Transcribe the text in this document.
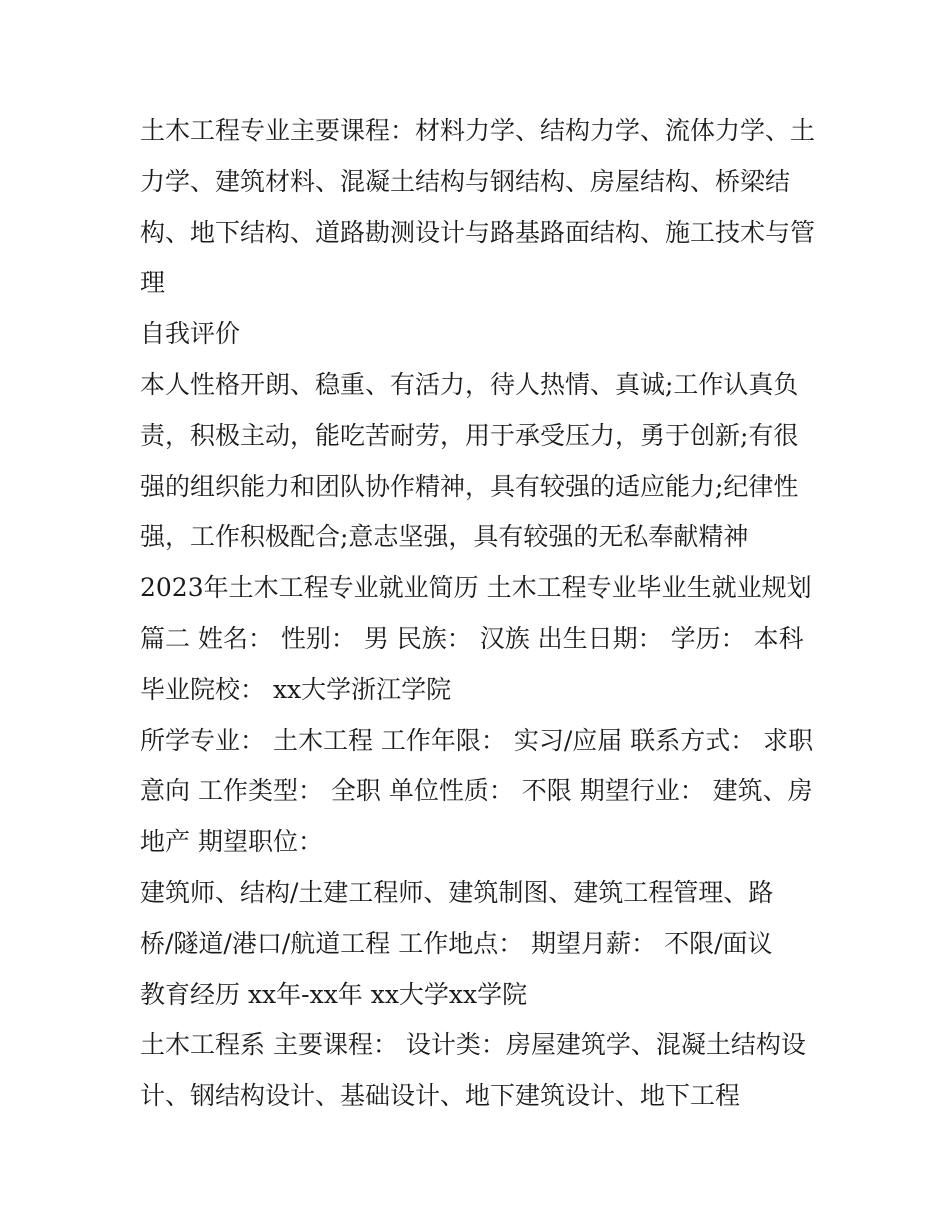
土木工程专业主要课程：材料力学、结构力学、流体力学、土
力学、建筑材料、混凝土结构与钢结构、房屋结构、桥梁结
构、地下结构、道路勘测设计与路基路面结构、施工技术与管
理
自我评价
本人性格开朗、稳重、有活力，待人热情、真诚;工作认真负
责，积极主动，能吃苦耐劳，用于承受压力，勇于创新;有很
强的组织能力和团队协作精神，具有较强的适应能力;纪律性
强，工作积极配合;意志坚强，具有较强的无私奉献精神
2023年土木工程专业就业简历 土木工程专业毕业生就业规划
篇二 姓名： 性别： 男 民族： 汉族 出生日期： 学历： 本科
毕业院校： xx大学浙江学院
所学专业： 土木工程 工作年限： 实习/应届 联系方式： 求职
意向 工作类型： 全职 单位性质： 不限 期望行业： 建筑、房
地产 期望职位：
建筑师、结构/土建工程师、建筑制图、建筑工程管理、路
桥/隧道/港口/航道工程 工作地点： 期望月薪： 不限/面议
教育经历 xx年-xx年 xx大学xx学院
土木工程系 主要课程： 设计类：房屋建筑学、混凝土结构设
计、钢结构设计、基础设计、地下建筑设计、地下工程
